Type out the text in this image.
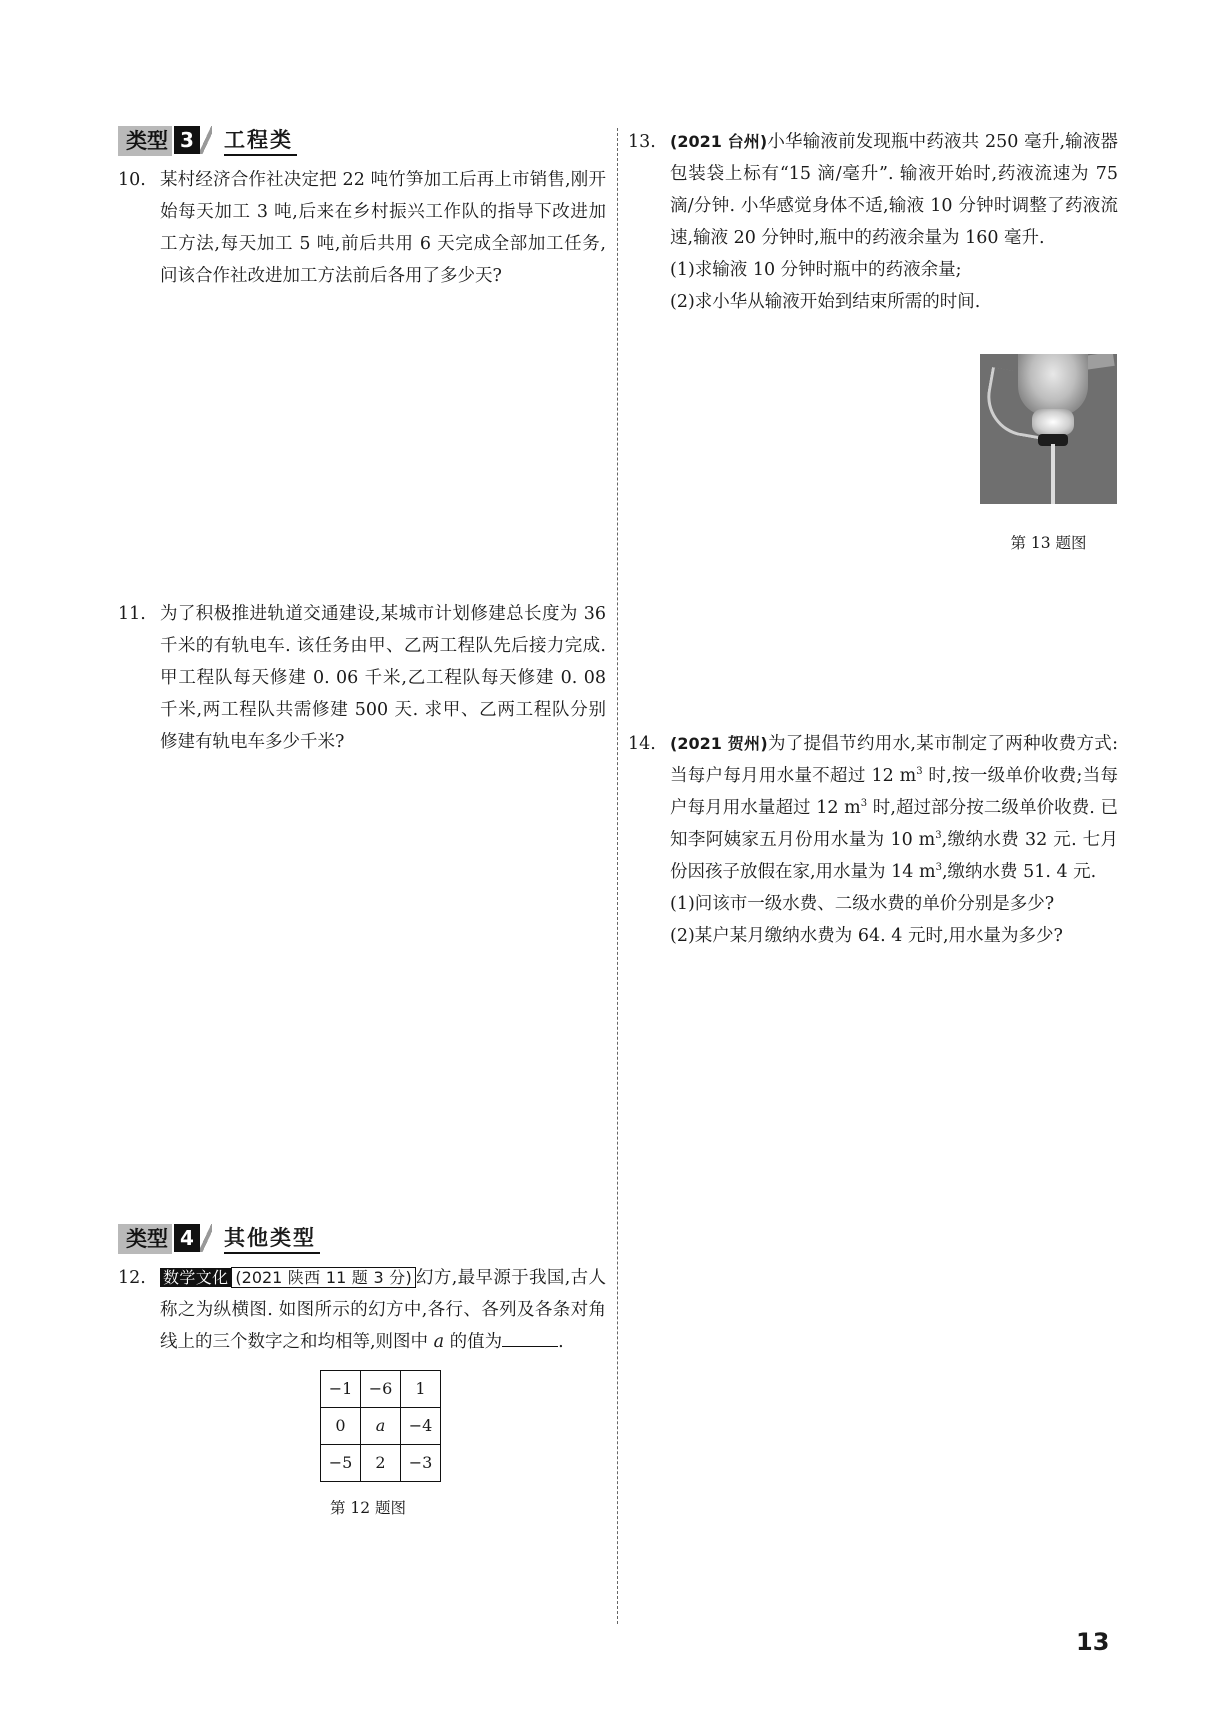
类型 3 工程类
10. 某村经济合作社决定把 22 吨竹笋加工后再上市销售,刚开始每天加工 3 吨,后来在乡村振兴工作队的指导下改进加工方法,每天加工 5 吨,前后共用 6 天完成全部加工任务,问该合作社改进加工方法前后各用了多少天?
11. 为了积极推进轨道交通建设,某城市计划修建总长度为 36 千米的有轨电车. 该任务由甲、乙两工程队先后接力完成. 甲工程队每天修建 0. 06 千米,乙工程队每天修建 0. 08 千米,两工程队共需修建 500 天. 求甲、乙两工程队分别修建有轨电车多少千米?
类型 4 其他类型
12. 数学文化 (2021 陕西 11 题 3 分) 幻方,最早源于我国,古人称之为纵横图. 如图所示的幻方中,各行、各列及各条对角线上的三个数字之和均相等,则图中 a 的值为	.
−1	−6	1
0	a	−4
−5	2	−3
第 12 题图
13. (2021 台州)小华输液前发现瓶中药液共 250 毫升,输液器包装袋上标有“15 滴/毫升”. 输液开始时,药液流速为 75 滴/分钟. 小华感觉身体不适,输液 10 分钟时调整了药液流速,输液 20 分钟时,瓶中的药液余量为 160 毫升.
(1)求输液 10 分钟时瓶中的药液余量;
(2)求小华从输液开始到结束所需的时间.
第 13 题图
14. (2021 贺州)为了提倡节约用水,某市制定了两种收费方式:当每户每月用水量不超过 12 $m^3$ 时,按一级单价收费;当每户每月用水量超过 12 $m^3$ 时,超过部分按二级单价收费. 已知李阿姨家五月份用水量为 10 $m^3$,缴纳水费 32 元. 七月份因孩子放假在家,用水量为 14 $m^3$,缴纳水费 51. 4 元.
(1)问该市一级水费、二级水费的单价分别是多少?
(2)某户某月缴纳水费为 64. 4 元时,用水量为多少?
13
